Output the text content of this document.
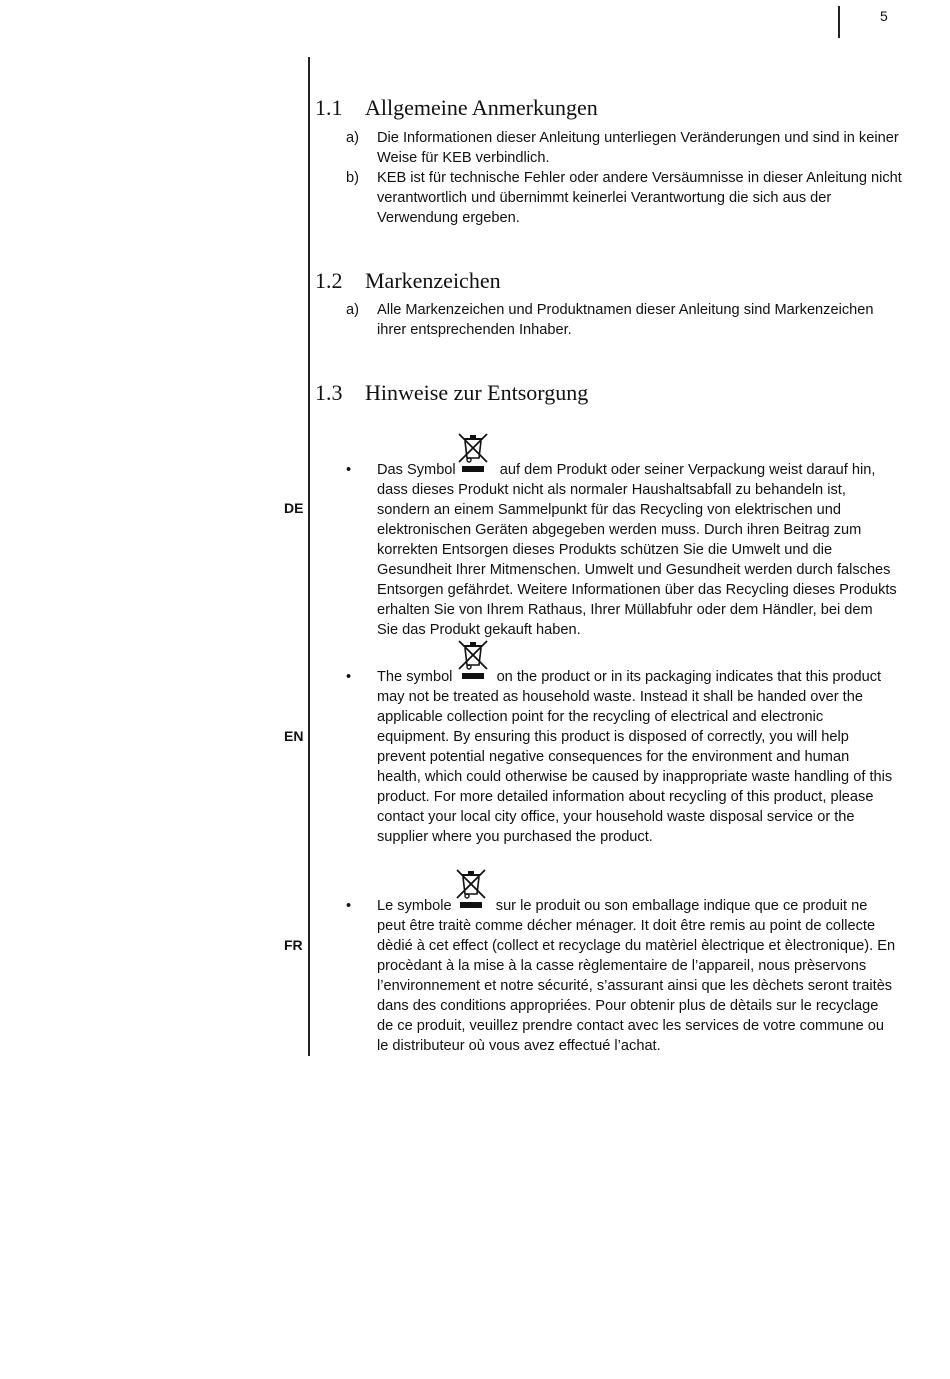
5
1.1 Allgemeine Anmerkungen
a) Die Informationen dieser Anleitung unterliegen Veränderungen und sind in keiner Weise für KEB verbindlich.
b) KEB ist für technische Fehler oder andere Versäumnisse in dieser Anleitung nicht verantwortlich und übernimmt keinerlei Verantwortung die sich aus der Verwendung ergeben.
1.2 Markenzeichen
a) Alle Markenzeichen und Produktnamen dieser Anleitung sind Markenzeichen ihrer entsprechenden Inhaber.
1.3 Hinweise zur Entsorgung
DE
• Das Symbol	auf dem Produkt oder seiner Verpackung weist darauf hin, dass dieses Produkt nicht als normaler Haushaltsabfall zu behandeln ist, sondern an einem Sammelpunkt für das Recycling von elektrischen und elektronischen Geräten abgegeben werden muss. Durch ihren Beitrag zum korrekten Entsorgen dieses Produkts schützen Sie die Umwelt und die Gesundheit Ihrer Mitmenschen. Umwelt und Gesundheit werden durch falsches Entsorgen gefährdet. Weitere Informationen über das Recycling dieses Produkts erhalten Sie von Ihrem Rathaus, Ihrer Müllabfuhr oder dem Händler, bei dem Sie das Produkt gekauft haben.

EN
• The symbol	on the product or in its packaging indicates that this product may not be treated as household waste. Instead it shall be handed over the applicable collection point for the recycling of electrical and electronic equipment. By ensuring this product is disposed of correctly, you will help prevent potential negative consequences for the environment and human health, which could otherwise be caused by inappropriate waste handling of this product. For more detailed information about recycling of this product, please contact your local city office, your household waste disposal service or the supplier where you purchased the product.

FR
• Le symbole	sur le produit ou son emballage indique que ce produit ne peut être traitè comme décher ménager. It doit être remis au point de collecte dèdié à cet effect (collect et recyclage du matèriel èlectrique et èlectronique). En procèdant à la mise à la casse règlementaire de l’appareil, nous prèservons l’environnement et notre sécurité, s’assurant ainsi que les dèchets seront traitès dans des conditions appropriées. Pour obtenir plus de dètails sur le recyclage de ce produit, veuillez prendre contact avec les services de votre commune ou le distributeur où vous avez effectué l’achat.
